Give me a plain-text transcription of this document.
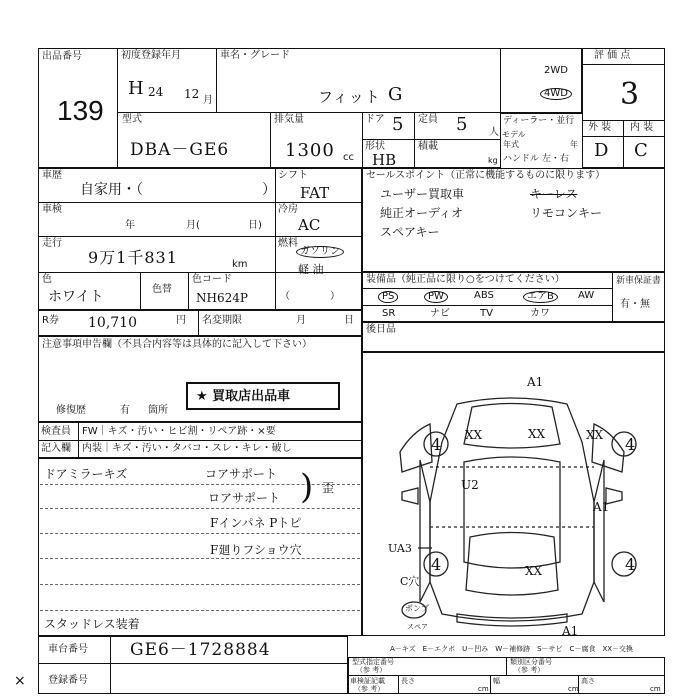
出品番号
139
初度登録年月
H 24 12 月
車名・グレード
フィット G
2WD
4WD
ディーラー・並行
モデル
年式	年
ハンドル 左・右
評 価 点
3
外 装 内 装
D C
型式
DBA－GE6
排気量
1300 cc
ドア 5 定員 5 人
形状
HB
積載
kg
車歴
自家用・（	）
シフト
FAT
車検
年	月(	日)
冷房
AC
走行
9万1千831	km
燃料
ガソリン
軽 油
色
ホワイト	色替
色コード
NH624P	（　　　　）
セールスポイント（正常に機能するものに限ります）
ユーザー買取車	キーレス
純正オーディオ	リモコンキー
スペアキー
装備品（純正品に限り○をつけてください）	新車保証書
有・無
PS	PW	ABS	エアB	AW
SR	ナビ	TV	カワ
R券 10,710	円 名変期限	月	日
後日品
注意事項申告欄（不具合内容等は具体的に記入して下さい）
★ 買取店出品車
修復歴	有 箇所
検査員
記入欄
FW｜キズ・汚い・ヒビ割・リペア跡・×要
内装｜キズ・汚い・タバコ・スレ・キレ・破し
ドアミラーキズ	コアサポート
ロアサポート ) 歪
Fインパネ Pトピ
F廻りフショウ穴
スタッドレス装着
A1
4 XX	XX	XX 4
U2
A1
4
UA3
C穴
XX	4
A1
ポンプ
スペア
A－キズ　E－エクボ　U－凹み　W－補修跡　S－サビ　C－腐食　XX－交換
車台番号 GE6－1728884
登録番号
×
型式指定番号
（参 考）
類別区分番号
（参 考）
車検証記載
（参 考）
長さ
cm
幅
cm
高さ
cm
